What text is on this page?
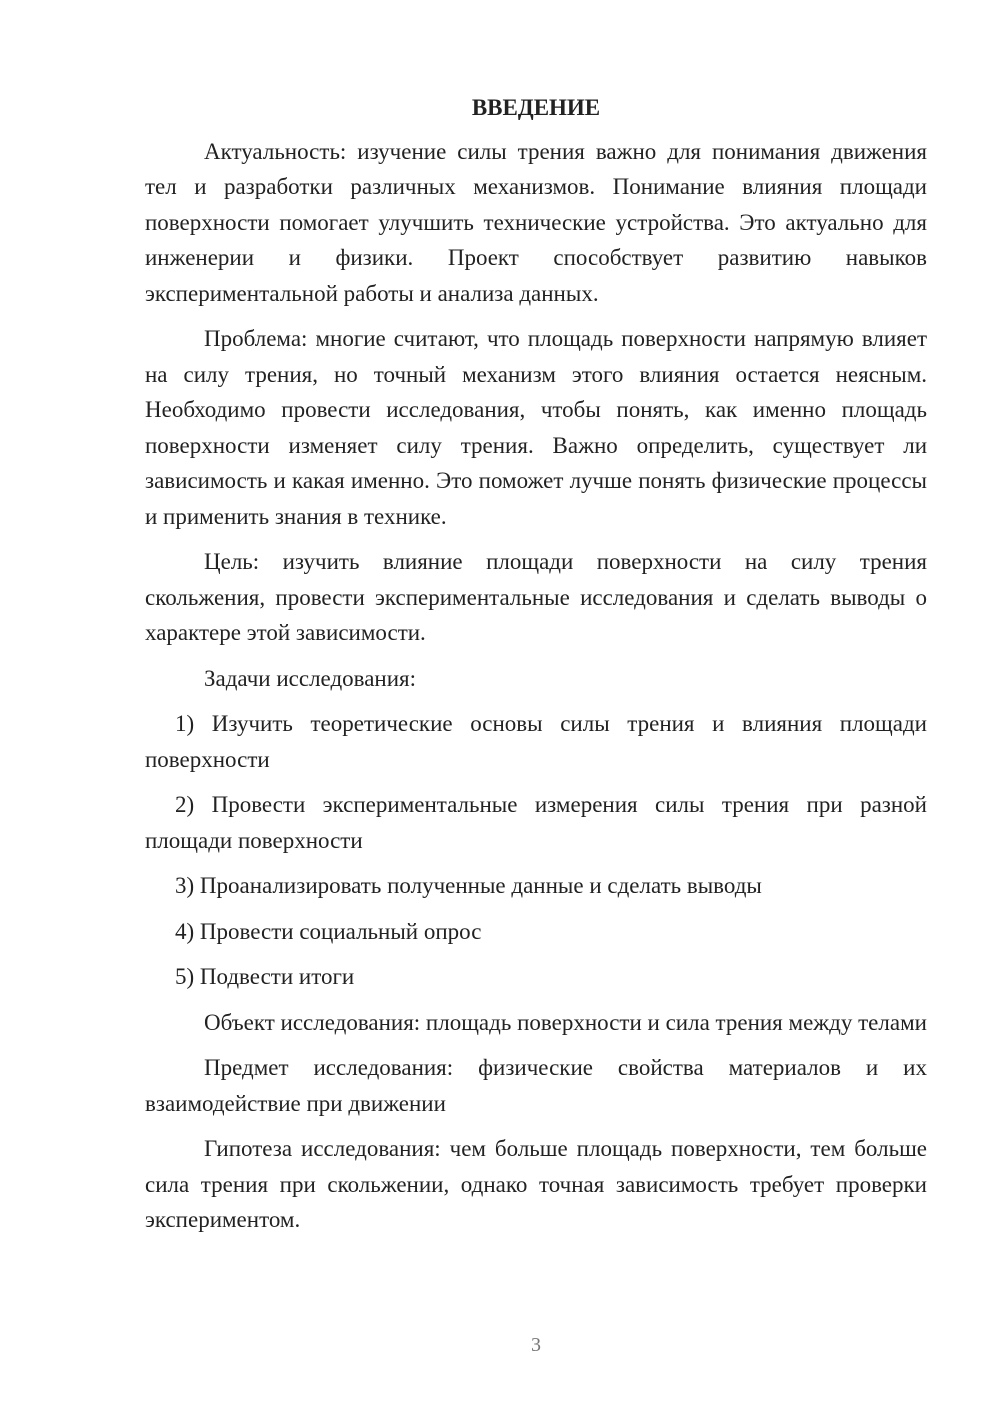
ВВЕДЕНИЕ

Актуальность: изучение силы трения важно для понимания движения тел и разработки различных механизмов. Понимание влияния площади поверхности помогает улучшить технические устройства. Это актуально для инженерии и физики. Проект способствует развитию навыков экспериментальной работы и анализа данных.

Проблема: многие считают, что площадь поверхности напрямую влияет на силу трения, но точный механизм этого влияния остается неясным. Необходимо провести исследования, чтобы понять, как именно площадь поверхности изменяет силу трения. Важно определить, существует ли зависимость и какая именно. Это поможет лучше понять физические процессы и применить знания в технике.

Цель: изучить влияние площади поверхности на силу трения скольжения, провести экспериментальные исследования и сделать выводы о характере этой зависимости.

Задачи исследования:

1) Изучить теоретические основы силы трения и влияния площади поверхности

2) Провести экспериментальные измерения силы трения при разной площади поверхности

3) Проанализировать полученные данные и сделать выводы

4) Провести социальный опрос

5) Подвести итоги

Объект исследования: площадь поверхности и сила трения между телами

Предмет исследования: физические свойства материалов и их взаимодействие при движении

Гипотеза исследования: чем больше площадь поверхности, тем больше сила трения при скольжении, однако точная зависимость требует проверки экспериментом.

3
